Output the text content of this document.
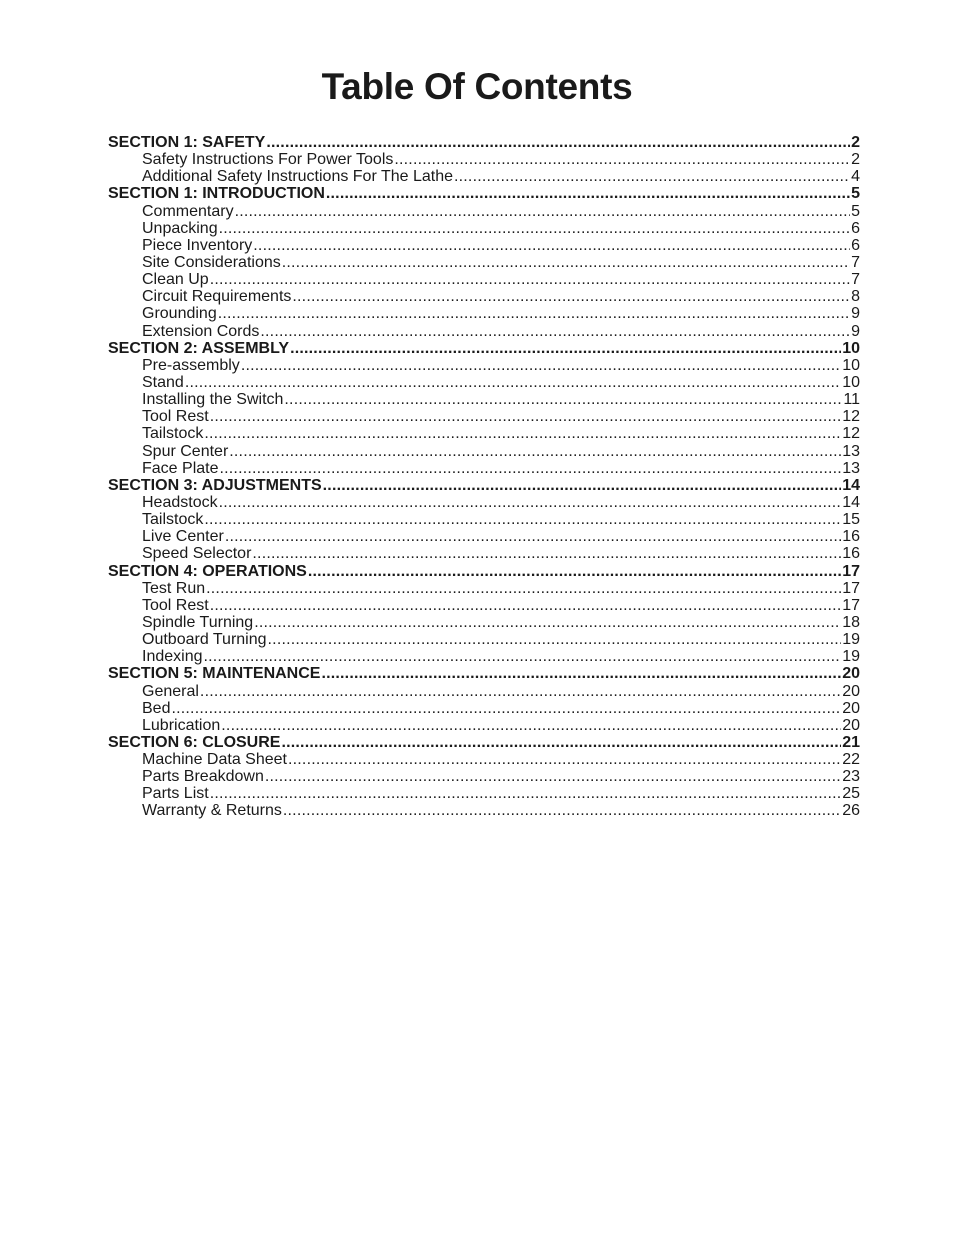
Table Of Contents
SECTION 1: SAFETY .....	2
Safety Instructions For Power Tools .....	2
Additional Safety Instructions For The Lathe .....	4
SECTION 1: INTRODUCTION .....	5
Commentary .....	5
Unpacking .....	6
Piece Inventory .....	6
Site Considerations .....	7
Clean Up .....	7
Circuit Requirements .....	8
Grounding .....	9
Extension Cords .....	9
SECTION 2: ASSEMBLY .....	10
Pre-assembly .....	10
Stand .....	10
Installing the Switch .....	11
Tool Rest .....	12
Tailstock .....	12
Spur Center .....	13
Face Plate .....	13
SECTION 3: ADJUSTMENTS .....	14
Headstock .....	14
Tailstock .....	15
Live Center .....	16
Speed Selector .....	16
SECTION 4: OPERATIONS .....	17
Test Run .....	17
Tool Rest .....	17
Spindle Turning .....	18
Outboard Turning .....	19
Indexing .....	19
SECTION 5: MAINTENANCE .....	20
General .....	20
Bed .....	20
Lubrication .....	20
SECTION 6: CLOSURE .....	21
Machine Data Sheet .....	22
Parts Breakdown .....	23
Parts List .....	25
Warranty & Returns .....	26
